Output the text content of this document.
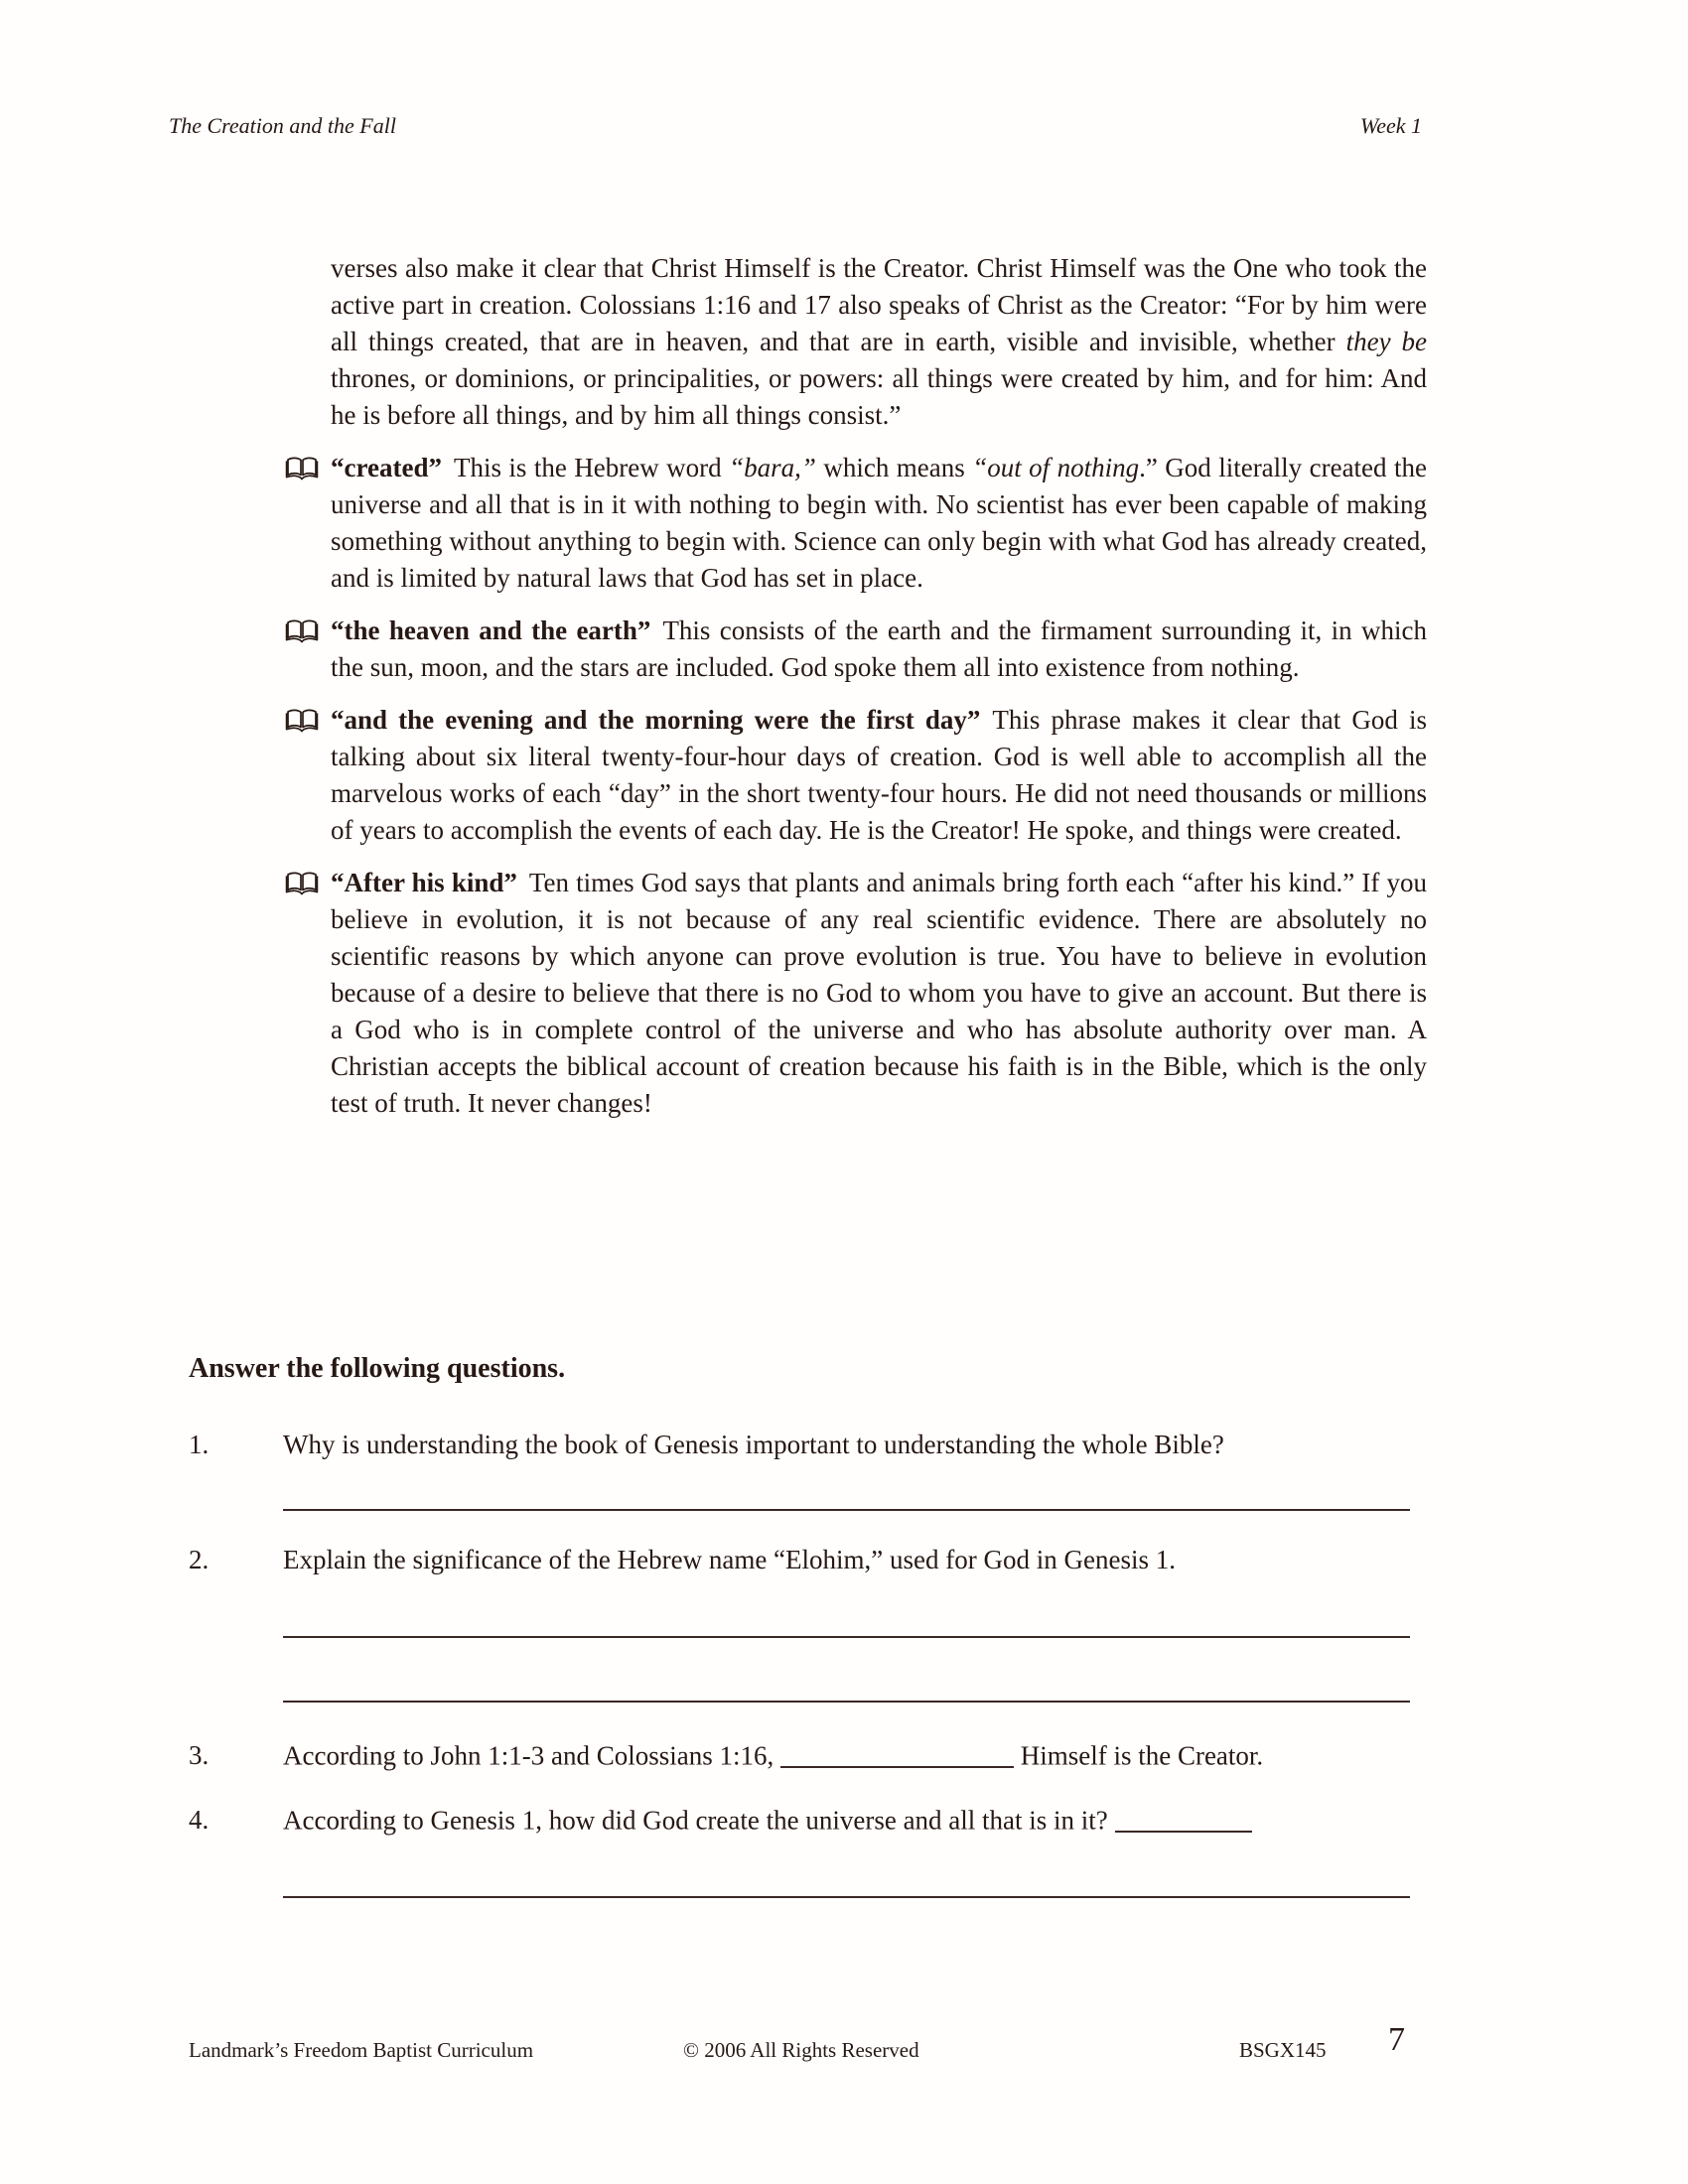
The Creation and the Fall	Week 1

verses also make it clear that Christ Himself is the Creator. Christ Himself was the One who took the active part in creation. Colossians 1:16 and 17 also speaks of Christ as the Creator: “For by him were all things created, that are in heaven, and that are in earth, visible and invisible, whether they be thrones, or dominions, or principalities, or powers: all things were created by him, and for him: And he is before all things, and by him all things consist.”

“created” This is the Hebrew word “bara,” which means “out of nothing.” God literally created the universe and all that is in it with nothing to begin with. No scientist has ever been capable of making something without anything to begin with. Science can only begin with what God has already created, and is limited by natural laws that God has set in place.
“the heaven and the earth” This consists of the earth and the firmament surrounding it, in which the sun, moon, and the stars are included. God spoke them all into existence from nothing.
“and the evening and the morning were the first day” This phrase makes it clear that God is talking about six literal twenty-four-hour days of creation. God is well able to accomplish all the marvelous works of each “day” in the short twenty-four hours. He did not need thousands or millions of years to accomplish the events of each day. He is the Creator! He spoke, and things were created.
“After his kind” Ten times God says that plants and animals bring forth each “after his kind.” If you believe in evolution, it is not because of any real scientific evidence. There are absolutely no scientific reasons by which anyone can prove evolution is true. You have to believe in evolution because of a desire to believe that there is no God to whom you have to give an account. But there is a God who is in complete control of the universe and who has absolute authority over man. A Christian accepts the biblical account of creation because his faith is in the Bible, which is the only test of truth. It never changes!
Answer the following questions.
1.	Why is understanding the book of Genesis important to understanding the whole Bible?
2.	Explain the significance of the Hebrew name “Elohim,” used for God in Genesis 1.
3.	According to John 1:1-3 and Colossians 1:16,	Himself is the Creator.
4.	According to Genesis 1, how did God create the universe and all that is in it?
Landmark’s Freedom Baptist Curriculum	© 2006 All Rights Reserved	BSGX145 7
